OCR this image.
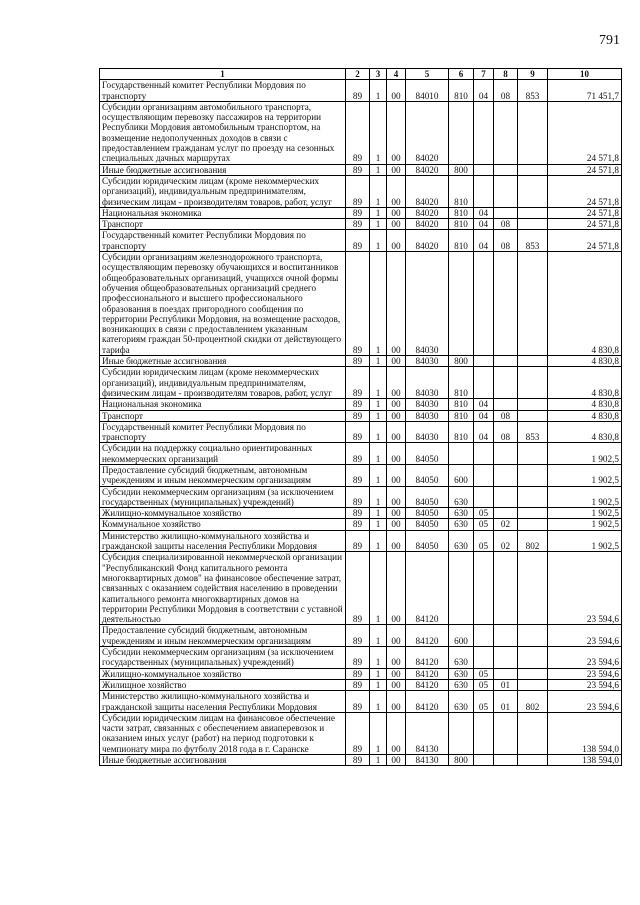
791
1	2	3	4	5	6	7	8	9	10
Государственный комитет Республики Мордовия по транспорту	89	1	00	84010	810	04	08	853	71 451,7
Субсидии организациям автомобильного транспорта, осуществляющим перевозку пассажиров на территории Республики Мордовия автомобильным транспортом, на возмещение недополученных доходов в связи с предоставлением гражданам услуг по проезду на сезонных специальных дачных маршрутах	89	1	00	84020					24 571,8
Иные бюджетные ассигнования	89	1	00	84020	800				24 571,8
Субсидии юридическим лицам (кроме некоммерческих организаций), индивидуальным предпринимателям, физическим лицам - производителям товаров, работ, услуг	89	1	00	84020	810				24 571,8
Национальная экономика	89	1	00	84020	810	04			24 571,8
Транспорт	89	1	00	84020	810	04	08		24 571,8
Государственный комитет Республики Мордовия по транспорту	89	1	00	84020	810	04	08	853	24 571,8
Субсидии организациям железнодорожного транспорта, осуществляющим перевозку обучающихся и воспитанников общеобразовательных организаций, учащихся очной формы обучения общеобразовательных организаций среднего профессионального и высшего профессионального образования в поездах пригородного сообщения по территории Республики Мордовия, на возмещение расходов, возникающих в связи с предоставлением указанным категориям граждан 50-процентной скидки от действующего тарифа	89	1	00	84030					4 830,8
Иные бюджетные ассигнования	89	1	00	84030	800				4 830,8
Субсидии юридическим лицам (кроме некоммерческих организаций), индивидуальным предпринимателям, физическим лицам - производителям товаров, работ, услуг	89	1	00	84030	810				4 830,8
Национальная экономика	89	1	00	84030	810	04			4 830,8
Транспорт	89	1	00	84030	810	04	08		4 830,8
Государственный комитет Республики Мордовия по транспорту	89	1	00	84030	810	04	08	853	4 830,8
Субсидии на поддержку социально ориентированных некоммерческих организаций	89	1	00	84050					1 902,5
Предоставление субсидий бюджетным, автономным учреждениям и иным некоммерческим организациям	89	1	00	84050	600				1 902,5
Субсидии некоммерческим организациям (за исключением государственных (муниципальных) учреждений)	89	1	00	84050	630				1 902,5
Жилищно-коммунальное хозяйство	89	1	00	84050	630	05			1 902,5
Коммунальное хозяйство	89	1	00	84050	630	05	02		1 902,5
Министерство жилищно-коммунального хозяйства и гражданской защиты населения Республики Мордовия	89	1	00	84050	630	05	02	802	1 902,5
Субсидия специализированной некоммерческой организации "Республиканский Фонд капитального ремонта многоквартирных домов" на финансовое обеспечение затрат, связанных с оказанием содействия населению в проведении капитального ремонта многоквартирных домов на территории Республики Мордовия в соответствии с уставной деятельностью	89	1	00	84120					23 594,6
Предоставление субсидий бюджетным, автономным учреждениям и иным некоммерческим организациям	89	1	00	84120	600				23 594,6
Субсидии некоммерческим организациям (за исключением государственных (муниципальных) учреждений)	89	1	00	84120	630				23 594,6
Жилищно-коммунальное хозяйство	89	1	00	84120	630	05			23 594,6
Жилищное хозяйство	89	1	00	84120	630	05	01		23 594,6
Министерство жилищно-коммунального хозяйства и гражданской защиты населения Республики Мордовия	89	1	00	84120	630	05	01	802	23 594,6
Субсидии юридическим лицам на финансовое обеспечение части затрат, связанных с обеспечением авиаперевозок и оказанием иных услуг (работ) на период подготовки к чемпионату мира по футболу 2018 года в г. Саранске	89	1	00	84130					138 594,0
Иные бюджетные ассигнования	89	1	00	84130	800				138 594,0
